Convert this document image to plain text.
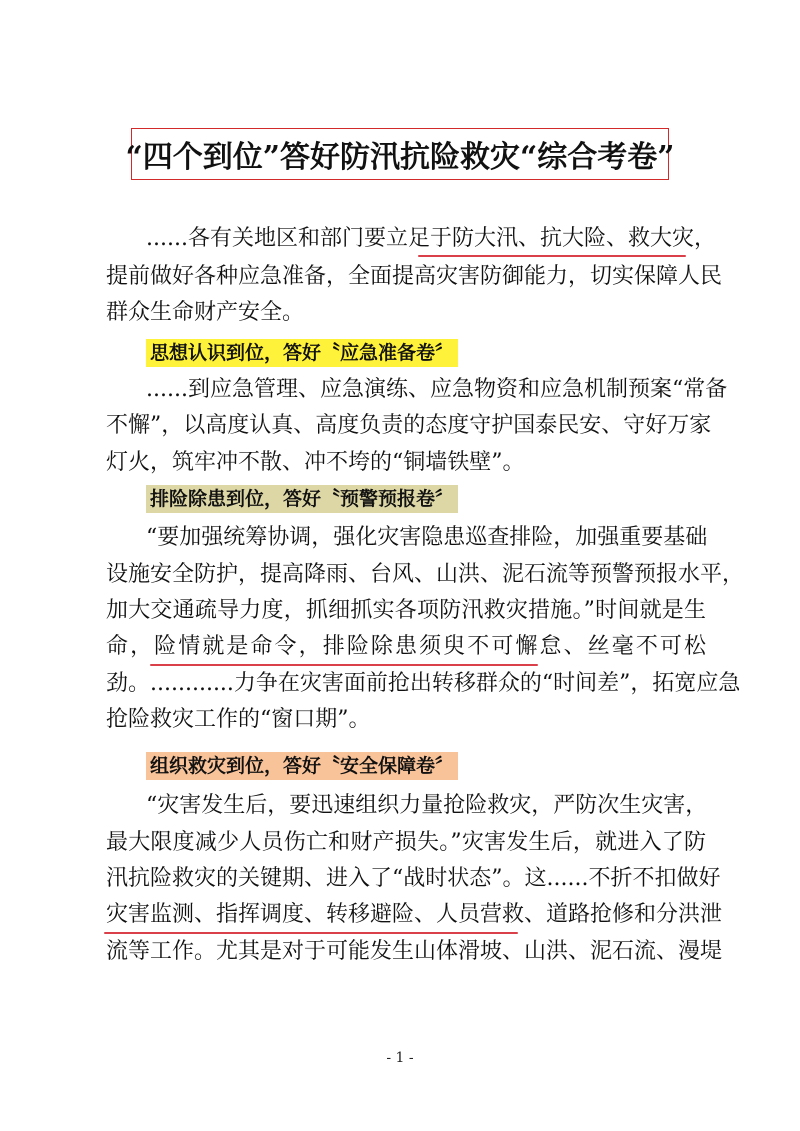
“四个到位”答好防汛抗险救灾“综合考卷”
......各有关地区和部门要立足于防大汛、抗大险、救大灾，
提前做好各种应急准备，全面提高灾害防御能力，切实保障人民
群众生命财产安全。
思想认识到位，答好〝应急准备卷〞
......到应急管理、应急演练、应急物资和应急机制预案“常备
不懈”，以高度认真、高度负责的态度守护国泰民安、守好万家
灯火，筑牢冲不散、冲不垮的“铜墙铁壁”。
排险除患到位，答好〝预警预报卷〞
“要加强统筹协调，强化灾害隐患巡查排险，加强重要基础
设施安全防护，提高降雨、台风、山洪、泥石流等预警预报水平，
加大交通疏导力度，抓细抓实各项防汛救灾措施。”时间就是生
命，险情就是命令，排险除患须臾不可懈怠、丝毫不可松
劲。............力争在灾害面前抢出转移群众的“时间差”，拓宽应急
抢险救灾工作的“窗口期”。
组织救灾到位，答好〝安全保障卷〞
“灾害发生后，要迅速组织力量抢险救灾，严防次生灾害，
最大限度减少人员伤亡和财产损失。”灾害发生后，就进入了防
汛抗险救灾的关键期、进入了“战时状态”。这......不折不扣做好
灾害监测、指挥调度、转移避险、人员营救、道路抢修和分洪泄
流等工作。尤其是对于可能发生山体滑坡、山洪、泥石流、漫堤
- 1 -
